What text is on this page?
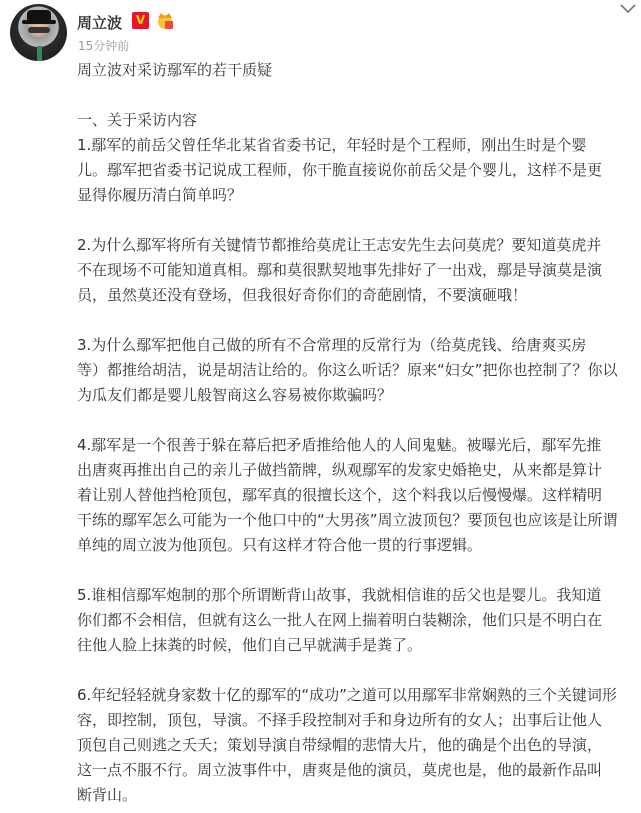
周立波	V
15分钟前
周立波对采访鄢军的若干质疑
一、关于采访内容
1.鄢军的前岳父曾任华北某省省委书记，年轻时是个工程师，刚出生时是个婴
儿。鄢军把省委书记说成工程师，你干脆直接说你前岳父是个婴儿，这样不是更
显得你履历清白简单吗？
2.为什么鄢军将所有关键情节都推给莫虎让王志安先生去问莫虎？要知道莫虎并
不在现场不可能知道真相。鄢和莫很默契地事先排好了一出戏，鄢是导演莫是演
员，虽然莫还没有登场，但我很好奇你们的奇葩剧情，不要演砸哦！
3.为什么鄢军把他自己做的所有不合常理的反常行为（给莫虎钱、给唐爽买房
等）都推给胡洁，说是胡洁让给的。你这么听话？原来“妇女”把你也控制了？你以
为瓜友们都是婴儿般智商这么容易被你欺骗吗？
4.鄢军是一个很善于躲在幕后把矛盾推给他人的人间鬼魅。被曝光后，鄢军先推
出唐爽再推出自己的亲儿子做挡箭牌，纵观鄢军的发家史婚艳史，从来都是算计
着让别人替他挡枪顶包，鄢军真的很擅长这个，这个料我以后慢慢爆。这样精明
干练的鄢军怎么可能为一个他口中的“大男孩”周立波顶包？要顶包也应该是让所谓
单纯的周立波为他顶包。只有这样才符合他一贯的行事逻辑。
5.谁相信鄢军炮制的那个所谓断背山故事，我就相信谁的岳父也是婴儿。我知道
你们都不会相信，但就有这么一批人在网上揣着明白装糊涂，他们只是不明白在
往他人脸上抹粪的时候，他们自己早就满手是粪了。
6.年纪轻轻就身家数十亿的鄢军的“成功”之道可以用鄢军非常娴熟的三个关键词形
容，即控制，顶包，导演。不择手段控制对手和身边所有的女人；出事后让他人
顶包自己则逃之夭夭；策划导演自带绿帽的悲情大片，他的确是个出色的导演，
这一点不服不行。周立波事件中，唐爽是他的演员，莫虎也是，他的最新作品叫
断背山。
